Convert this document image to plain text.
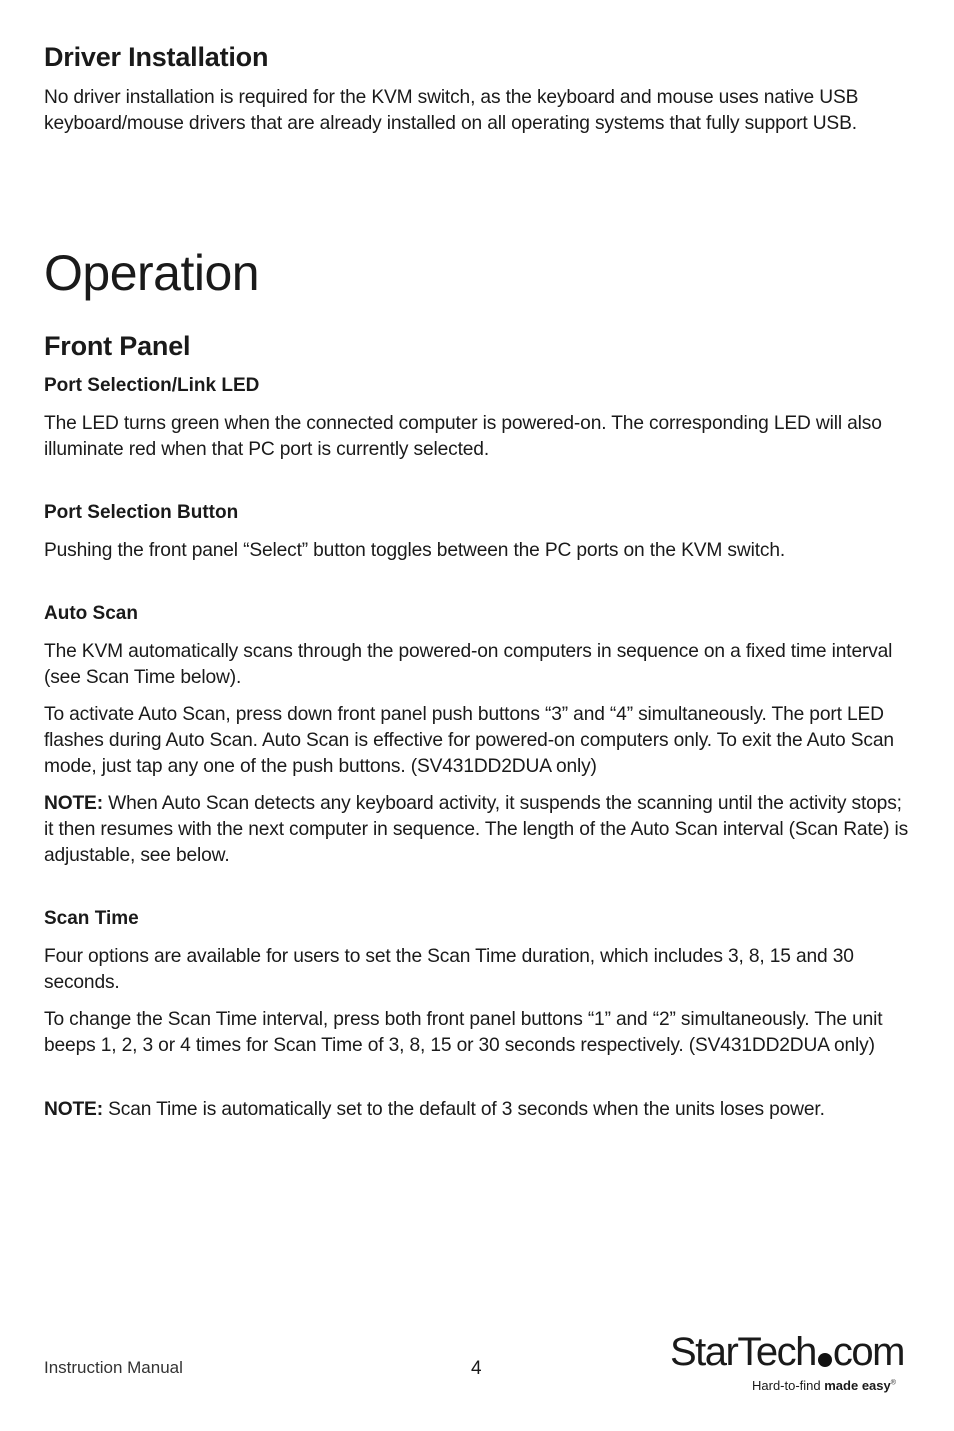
Driver Installation

No driver installation is required for the KVM switch, as the keyboard and mouse uses native USB keyboard/mouse drivers that are already installed on all operating systems that fully support USB.

Operation
Front Panel
Port Selection/Link LED

The LED turns green when the connected computer is powered-on. The corresponding LED will also illuminate red when that PC port is currently selected.

Port Selection Button

Pushing the front panel “Select” button toggles between the PC ports on the KVM switch.

Auto Scan

The KVM automatically scans through the powered-on computers in sequence on a fixed time interval (see Scan Time below).

To activate Auto Scan, press down front panel push buttons “3” and “4” simultaneously. The port LED flashes during Auto Scan. Auto Scan is effective for powered-on computers only. To exit the Auto Scan mode, just tap any one of the push buttons. (SV431DD2DUA only)

NOTE: When Auto Scan detects any keyboard activity, it suspends the scanning until the activity stops; it then resumes with the next computer in sequence. The length of the Auto Scan interval (Scan Rate) is adjustable, see below.

Scan Time

Four options are available for users to set the Scan Time duration, which includes 3, 8, 15 and 30 seconds.

To change the Scan Time interval, press both front panel buttons “1” and “2” simultaneously. The unit beeps 1, 2, 3 or 4 times for Scan Time of 3, 8, 15 or 30 seconds respectively. (SV431DD2DUA only)

NOTE: Scan Time is automatically set to the default of 3 seconds when the units loses power.

Instruction Manual	4	StarTech com
Hard-to-find made easy®
